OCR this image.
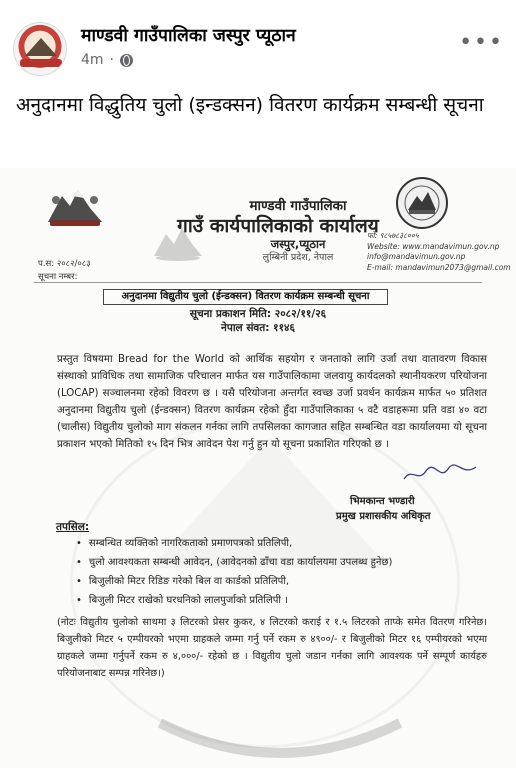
माण्डवी गाउँपालिका जस्पुर प्यूठान
4m ·
•••
अनुदानमा विद्धुतिय चुलो (इन्डक्सन) वितरण कार्यक्रम सम्बन्धी सूचना
माण्डवी गाउँपालिका
गाउँ कार्यपालिकाको कार्यालय
जस्पुर,प्यूठान
लुम्बिनी प्रदेश, नेपाल
फो: ९८५७८३८००५
Website: www.mandavimun.gov.np
info@mandavimun.gov.np
E-mail: mandavimun2073@gmail.com
प.स: २०८२/०८३
सूचना नम्बर:
अनुदानमा विद्युतीय चुलो (ईन्डक्सन) वितरण कार्यक्रम सम्बन्धी सूचना
सूचना प्रकाशन मिति: २०८२/११/२६
नेपाल संवत: ११४६
प्रस्तुत विषयमा Bread for the World को आर्थिक सहयोग र जनताको लागि उर्जा तथा वातावरण विकास संस्थाको प्राविधिक तथा सामाजिक परिचालन मार्फत यस गाउँपालिकामा जलवायु कार्यदलको स्थानीयकरण परियोजना (LOCAP) सञ्चालनमा रहेको विवरण छ । यसै परियोजना अन्तर्गत स्वच्छ उर्जा प्रवर्धन कार्यक्रम मार्फत ५० प्रतिशत अनुदानमा विद्युतीय चुलो (ईन्डक्सन) वितरण कार्यक्रम रहेको हुँदा गाउँपालिकाका ५ वटै वडाहरूमा प्रति वडा ४० वटा (चालीस) विद्युतीय चुलोको माग संकलन गर्नका लागि तपसिलका कागजात सहित सम्बन्धित वडा कार्यालयमा यो सूचना प्रकाशन भएको मितिको १५ दिन भित्र आवेदन पेश गर्नु हुन यो सूचना प्रकाशित गरिएको छ ।
भिमकान्त भण्डारी
प्रमुख प्रशासकीय अधिकृत
तपसिल:
• सम्बन्धित व्यक्तिको नागरिकताको प्रमाणपत्रको प्रतिलिपी,
• चुलो आवश्यकता सम्बन्धी आवेदन, (आवेदनको ढाँचा वडा कार्यालयमा उपलब्ध हुनेछ)
• बिजुलीको मिटर रिडिङ गरेको बिल वा कार्डको प्रतिलिपी,
• बिजुली मिटर राखेको घरधनिको लालपुर्जाको प्रतिलिपी ।
(नोटः विद्युतीय चुलोको साथमा ३ लिटरको प्रेसर कुकर, ४ लिटरको कराई र १.५ लिटरको ताप्के समेत वितरण गरिनेछ। बिजुलीको मिटर ५ एम्पीयरको भएमा ग्राहकले जम्मा गर्नु पर्ने रकम रु ४९००/- र बिजुलीको मिटर १६ एम्पीयरको भएमा ग्राहकले जम्मा गर्नुपर्ने रकम रु ४,०००/- रहेको छ । विद्युतीय चुलो जडान गर्नका लागि आवश्यक पर्ने सम्पूर्ण कार्यहरु परियोजनाबाट सम्पन्न गरिनेछ।)
